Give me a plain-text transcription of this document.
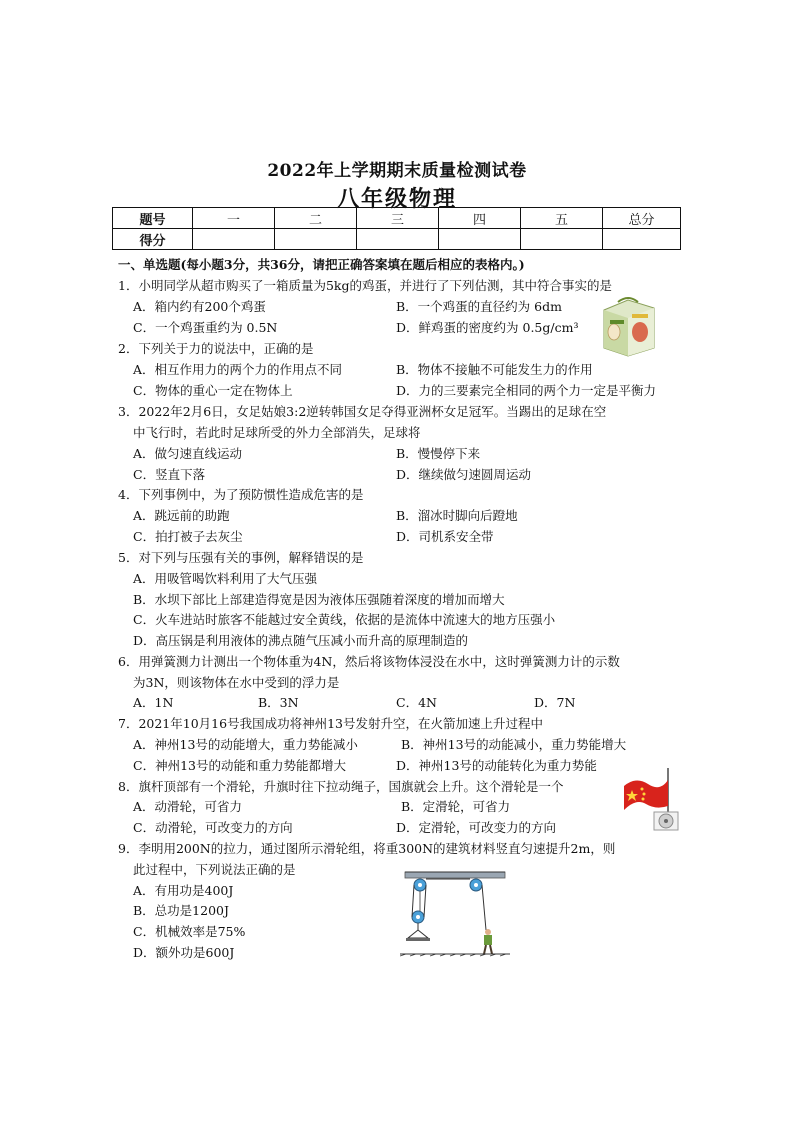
2022年上学期期末质量检测试卷
八年级物理
题号	一	二	三	四	五	总分
得分						
一、单选题(每小题3分，共36分，请把正确答案填在题后相应的表格内。)
1．小明同学从超市购买了一箱质量为5kg的鸡蛋，并进行了下列估测，其中符合事实的是
A．箱内约有200个鸡蛋	B．一个鸡蛋的直径约为 6dm
C．一个鸡蛋重约为 0.5N	D．鲜鸡蛋的密度约为 0.5g/cm³
2．下列关于力的说法中，正确的是
A．相互作用力的两个力的作用点不同	B．物体不接触不可能发生力的作用
C．物体的重心一定在物体上	D．力的三要素完全相同的两个力一定是平衡力
3．2022年2月6日，女足姑娘3:2逆转韩国女足夺得亚洲杯女足冠军。当踢出的足球在空
中飞行时，若此时足球所受的外力全部消失，足球将
A．做匀速直线运动	B．慢慢停下来
C．竖直下落	D．继续做匀速圆周运动
4．下列事例中，为了预防惯性造成危害的是
A．跳远前的助跑	B．溜冰时脚向后蹬地
C．拍打被子去灰尘	D．司机系安全带
5．对下列与压强有关的事例，解释错误的是
A．用吸管喝饮料利用了大气压强
B．水坝下部比上部建造得宽是因为液体压强随着深度的增加而增大
C．火车进站时旅客不能越过安全黄线，依据的是流体中流速大的地方压强小
D．高压锅是利用液体的沸点随气压减小而升高的原理制造的
6．用弹簧测力计测出一个物体重为4N，然后将该物体浸没在水中，这时弹簧测力计的示数
为3N，则该物体在水中受到的浮力是
A．1N	B．3N	C．4N	D．7N
7．2021年10月16号我国成功将神州13号发射升空，在火箭加速上升过程中
A．神州13号的动能增大，重力势能减小	B．神州13号的动能减小，重力势能增大
C．神州13号的动能和重力势能都增大	D．神州13号的动能转化为重力势能
8．旗杆顶部有一个滑轮，升旗时往下拉动绳子，国旗就会上升。这个滑轮是一个
A．动滑轮，可省力	B．定滑轮，可省力
C．动滑轮，可改变力的方向	D．定滑轮，可改变力的方向
9．李明用200N的拉力，通过图所示滑轮组，将重300N的建筑材料竖直匀速提升2m，则
此过程中，下列说法正确的是
A．有用功是400J
B．总功是1200J
C．机械效率是75%
D．额外功是600J
